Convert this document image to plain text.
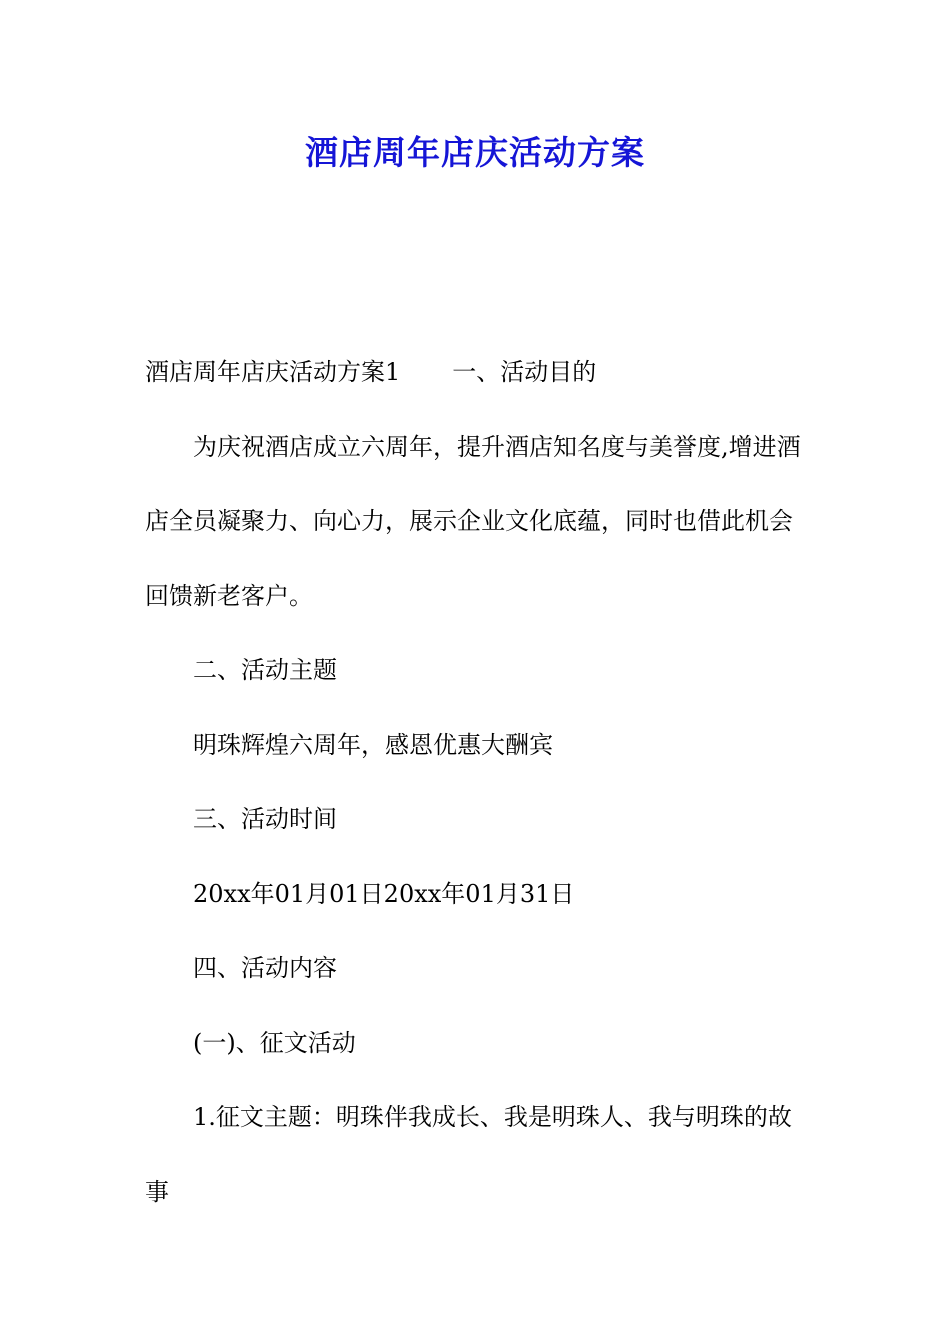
酒店周年店庆活动方案
酒店周年店庆活动方案1 一、活动目的
为庆祝酒店成立六周年，提升酒店知名度与美誉度,增进酒
店全员凝聚力、向心力，展示企业文化底蕴，同时也借此机会
回馈新老客户。
二、活动主题
明珠辉煌六周年，感恩优惠大酬宾
三、活动时间
20xx年01月01日20xx年01月31日
四、活动内容
(一)、征文活动
1.征文主题：明珠伴我成长、我是明珠人、我与明珠的故
事
